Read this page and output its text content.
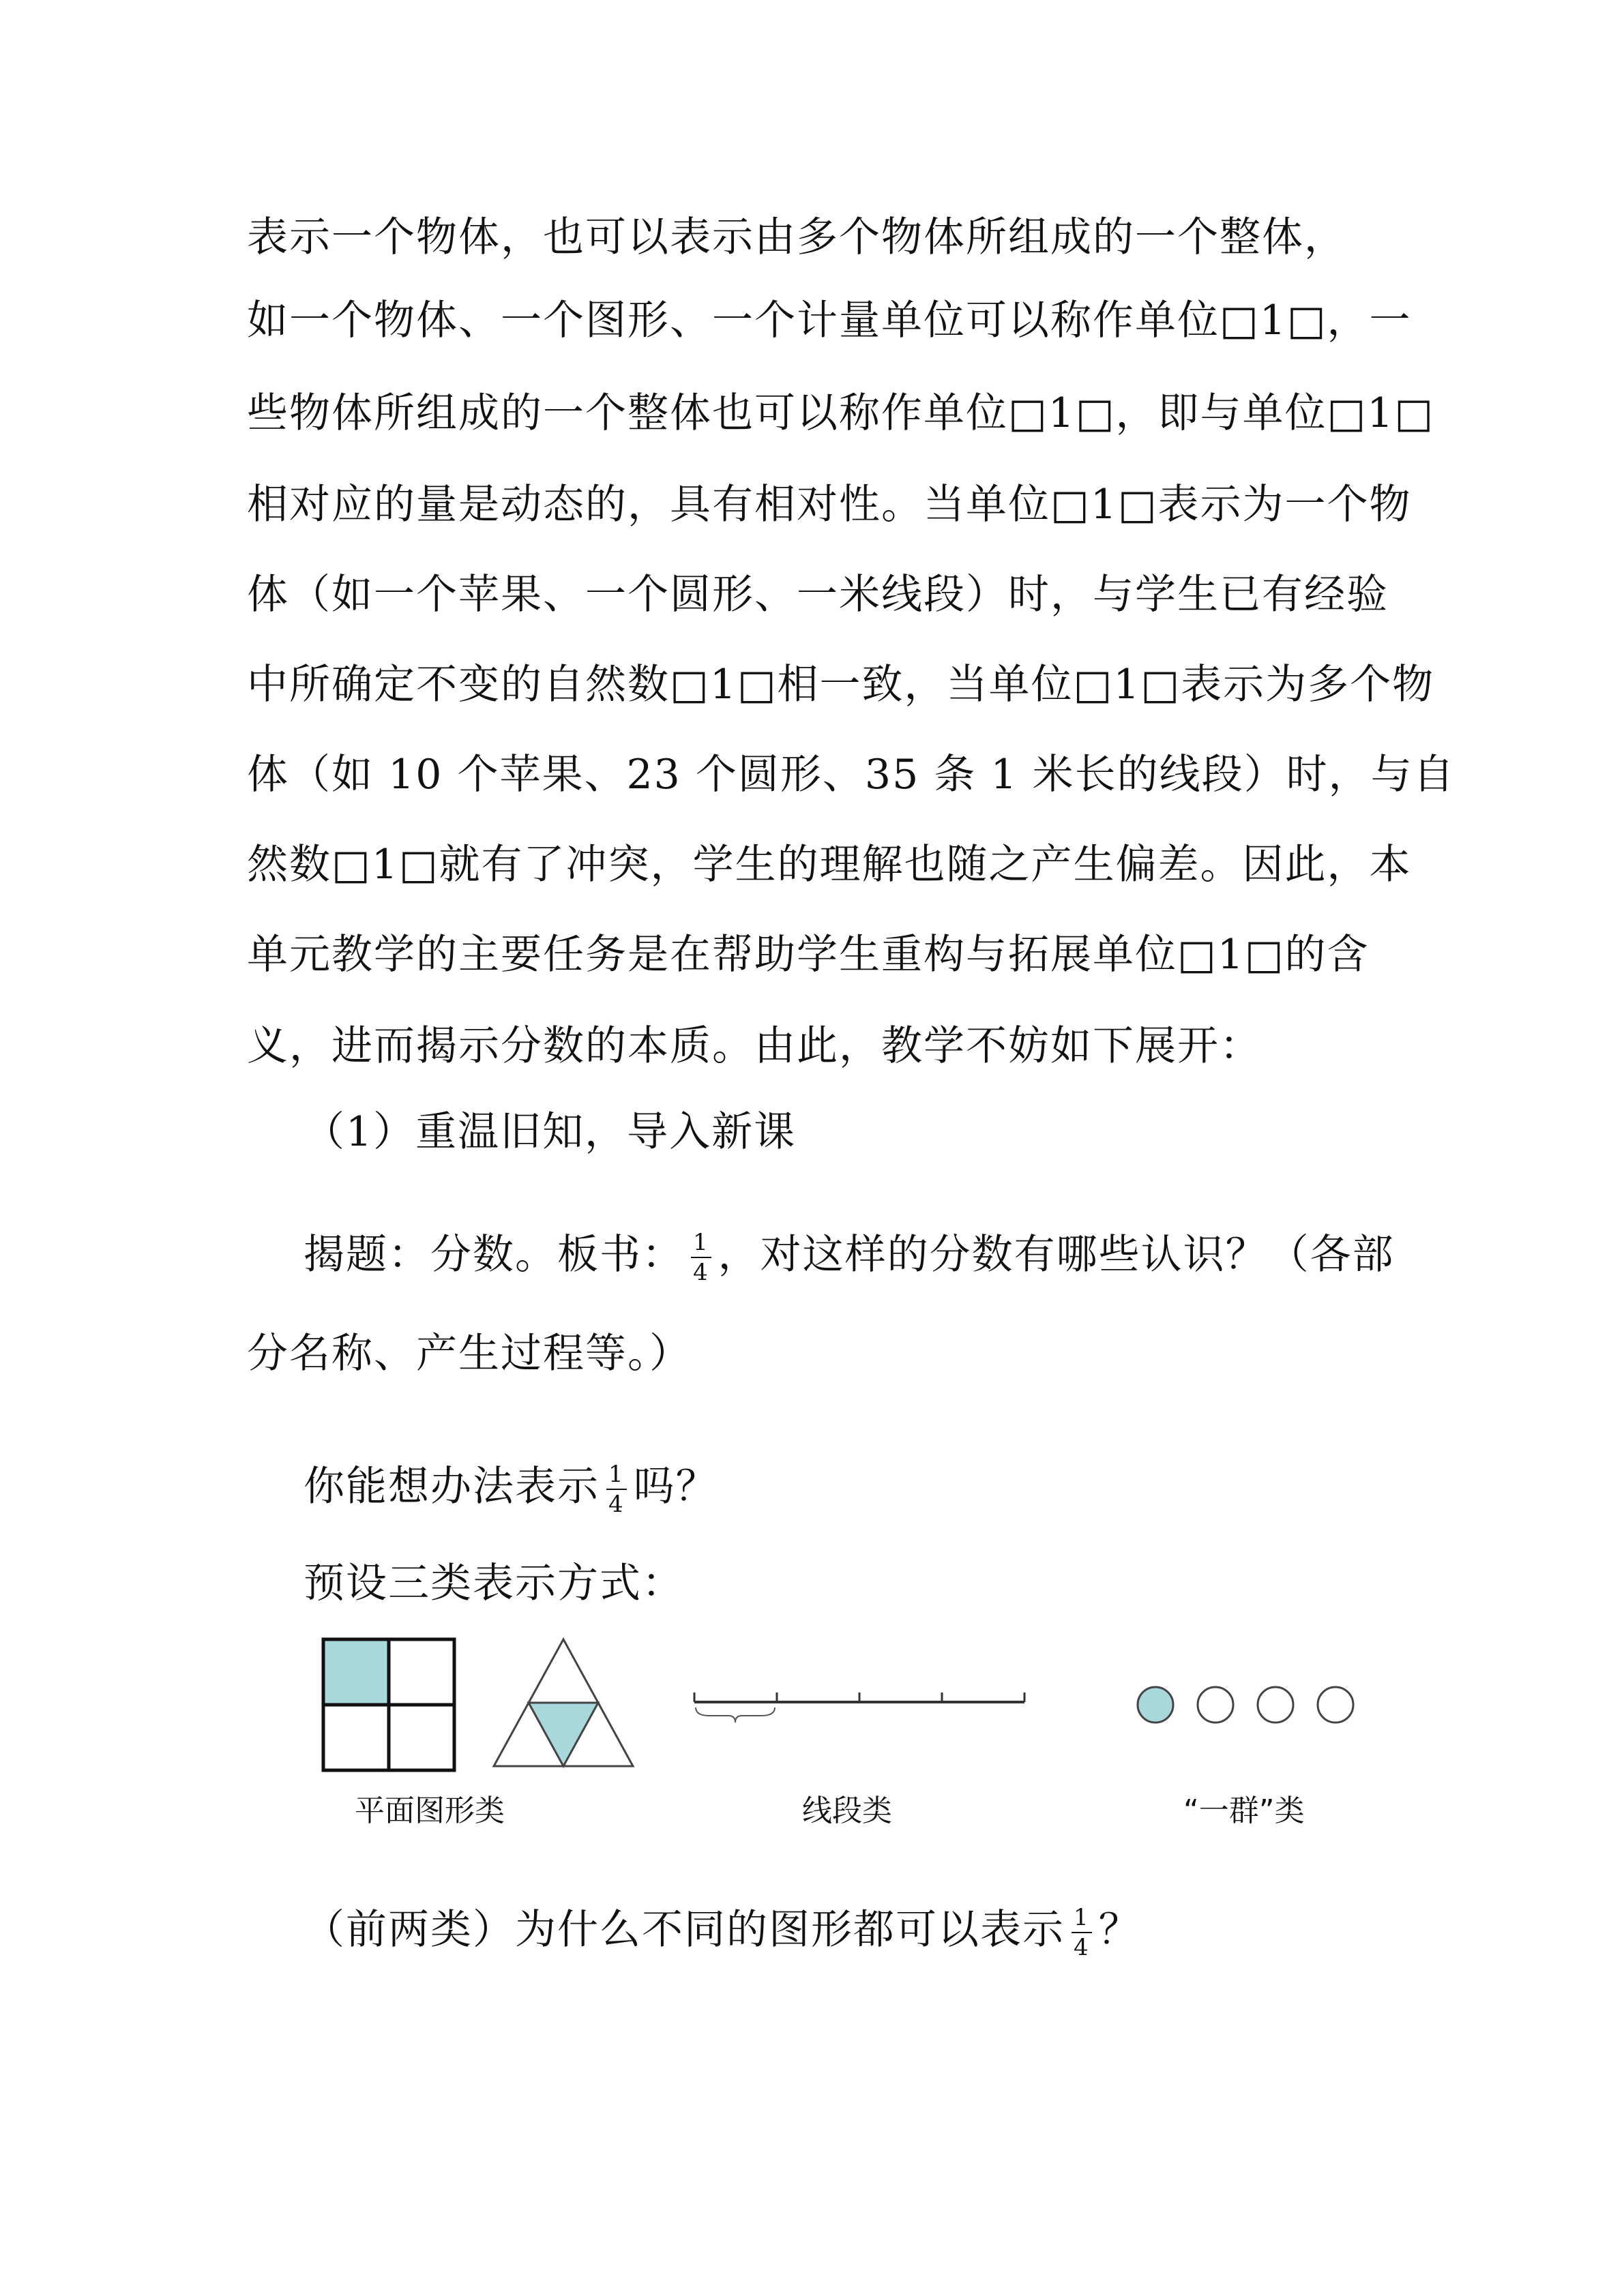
表示一个物体，也可以表示由多个物体所组成的一个整体，

如一个物体、一个图形、一个计量单位可以称作单位□1□，一

些物体所组成的一个整体也可以称作单位□1□，即与单位□1□

相对应的量是动态的，具有相对性。当单位□1□表示为一个物

体（如一个苹果、一个圆形、一米线段）时，与学生已有经验

中所确定不变的自然数□1□相一致，当单位□1□表示为多个物

体（如 10 个苹果、23 个圆形、35 条 1 米长的线段）时，与自

然数□1□就有了冲突，学生的理解也随之产生偏差。因此，本

单元教学的主要任务是在帮助学生重构与拓展单位□1□的含

义，进而揭示分数的本质。由此，教学不妨如下展开：

（1）重温旧知，导入新课

揭题：分数。板书： $\frac{1}{4}$ ，对这样的分数有哪些认识？（各部

分名称、产生过程等。）

你能想办法表示 $\frac{1}{4}$ 吗？

预设三类表示方式：

平面图形类	线段类	“一群”类

（前两类）为什么不同的图形都可以表示 $\frac{1}{4}$ ？
